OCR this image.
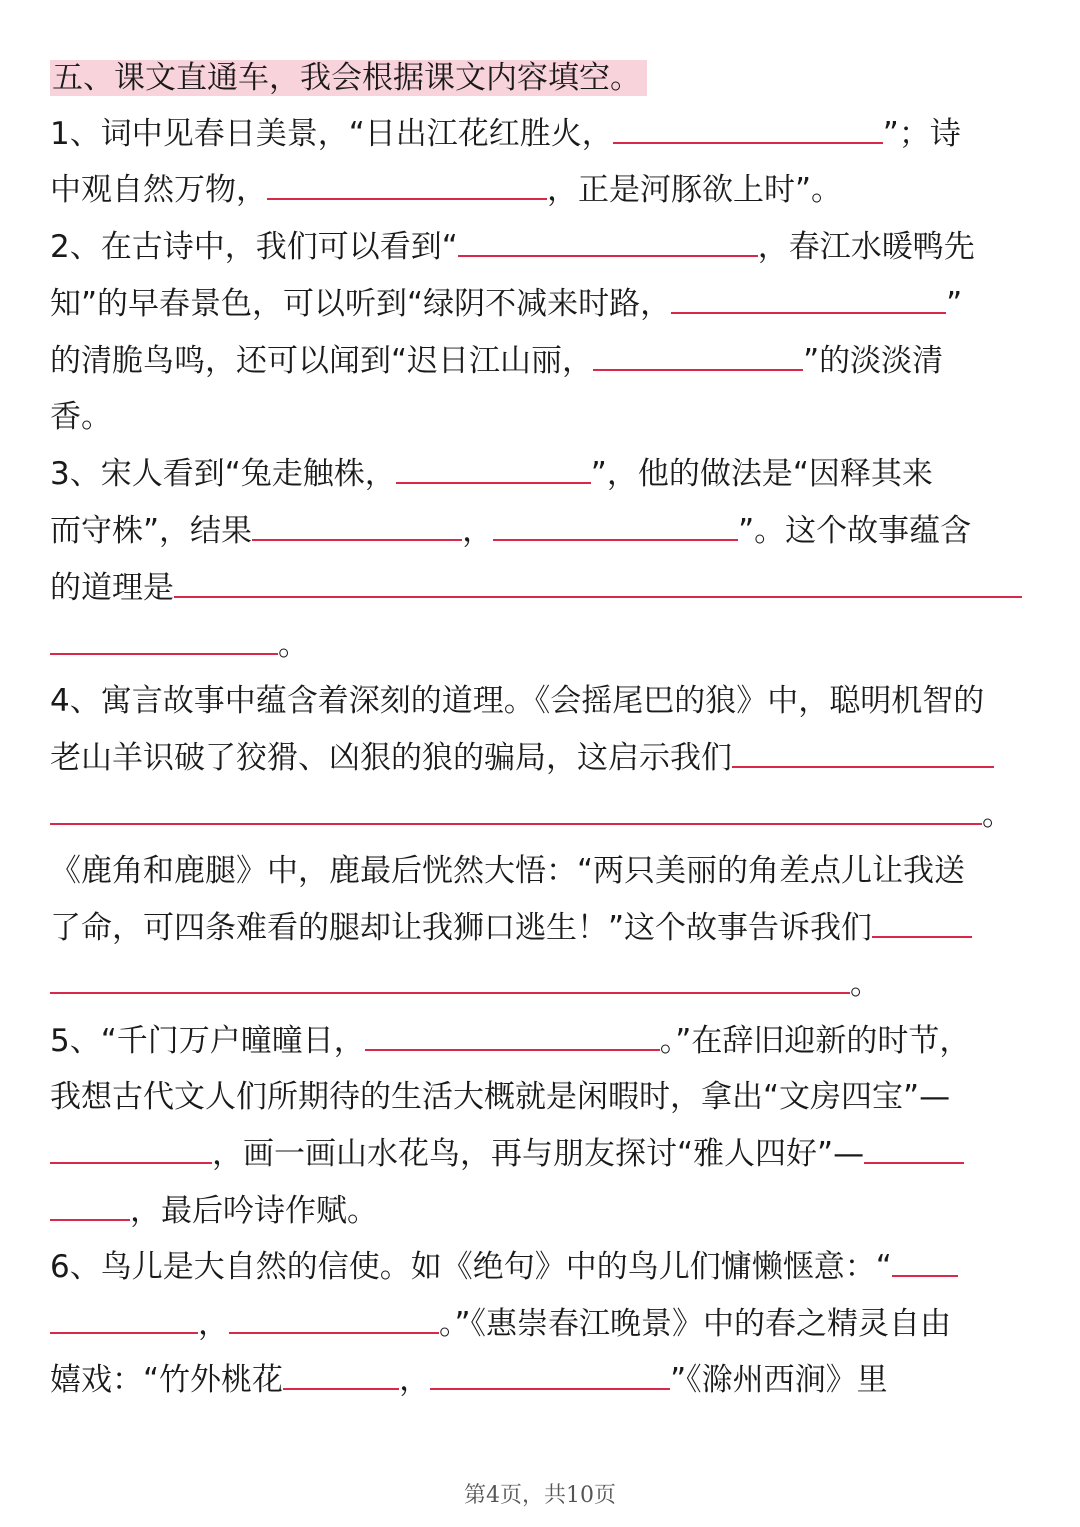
五、课文直通车，我会根据课文内容填空。
1、词中见春日美景，“日出江花红胜火，	”；诗
中观自然万物，	，正是河豚欲上时”。
2、在古诗中，我们可以看到“	，春江水暖鸭先
知”的早春景色，可以听到“绿阴不减来时路，	”
的清脆鸟鸣，还可以闻到“迟日江山丽，	”的淡淡清
香。
3、宋人看到“兔走触株，	”，他的做法是“因释其来
而守株”，结果	，	”。这个故事蕴含
的道理是
。
4、寓言故事中蕴含着深刻的道理。《会摇尾巴的狼》中，聪明机智的
老山羊识破了狡猾、凶狠的狼的骗局，这启示我们
。
《鹿角和鹿腿》中，鹿最后恍然大悟：“两只美丽的角差点儿让我送
了命，可四条难看的腿却让我狮口逃生！”这个故事告诉我们
。
5、“千门万户曈曈日，	。”在辞旧迎新的时节，
我想古代文人们所期待的生活大概就是闲暇时，拿出“文房四宝”—
，画一画山水花鸟，再与朋友探讨“雅人四好”—
，最后吟诗作赋。
6、鸟儿是大自然的信使。如《绝句》中的鸟儿们慵懒惬意：“
，	。”《惠崇春江晚景》中的春之精灵自由
嬉戏：“竹外桃花	，	”《滁州西涧》里
第4页，共10页
